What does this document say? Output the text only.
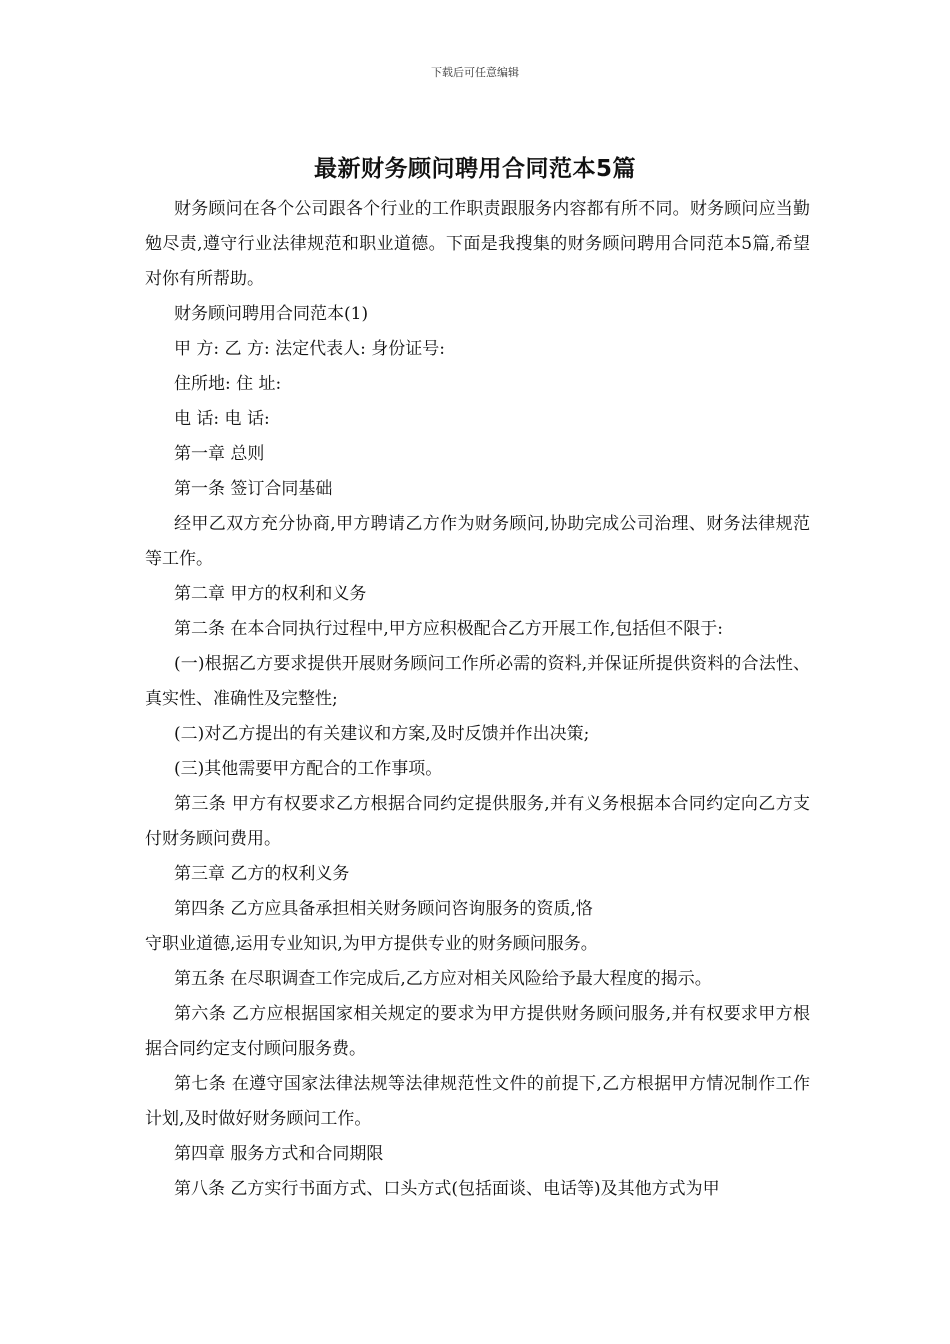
下载后可任意编辑
最新财务顾问聘用合同范本5篇

财务顾问在各个公司跟各个行业的工作职责跟服务内容都有所不同。财务顾问应当勤勉尽责,遵守行业法律规范和职业道德。下面是我搜集的财务顾问聘用合同范本5篇,希望对你有所帮助。

财务顾问聘用合同范本(1)

甲 方: 乙 方: 法定代表人: 身份证号:

住所地: 住 址:

电 话: 电 话:

第一章 总则

第一条 签订合同基础

经甲乙双方充分协商,甲方聘请乙方作为财务顾问,协助完成公司治理、财务法律规范等工作。

第二章 甲方的权利和义务

第二条 在本合同执行过程中,甲方应积极配合乙方开展工作,包括但不限于:

(一)根据乙方要求提供开展财务顾问工作所必需的资料,并保证所提供资料的合法性、真实性、准确性及完整性;

(二)对乙方提出的有关建议和方案,及时反馈并作出决策;

(三)其他需要甲方配合的工作事项。

第三条 甲方有权要求乙方根据合同约定提供服务,并有义务根据本合同约定向乙方支付财务顾问费用。

第三章 乙方的权利义务

第四条 乙方应具备承担相关财务顾问咨询服务的资质,恪

守职业道德,运用专业知识,为甲方提供专业的财务顾问服务。

第五条 在尽职调查工作完成后,乙方应对相关风险给予最大程度的揭示。

第六条 乙方应根据国家相关规定的要求为甲方提供财务顾问服务,并有权要求甲方根据合同约定支付顾问服务费。

第七条 在遵守国家法律法规等法律规范性文件的前提下,乙方根据甲方情况制作工作计划,及时做好财务顾问工作。

第四章 服务方式和合同期限

第八条 乙方实行书面方式、口头方式(包括面谈、电话等)及其他方式为甲
